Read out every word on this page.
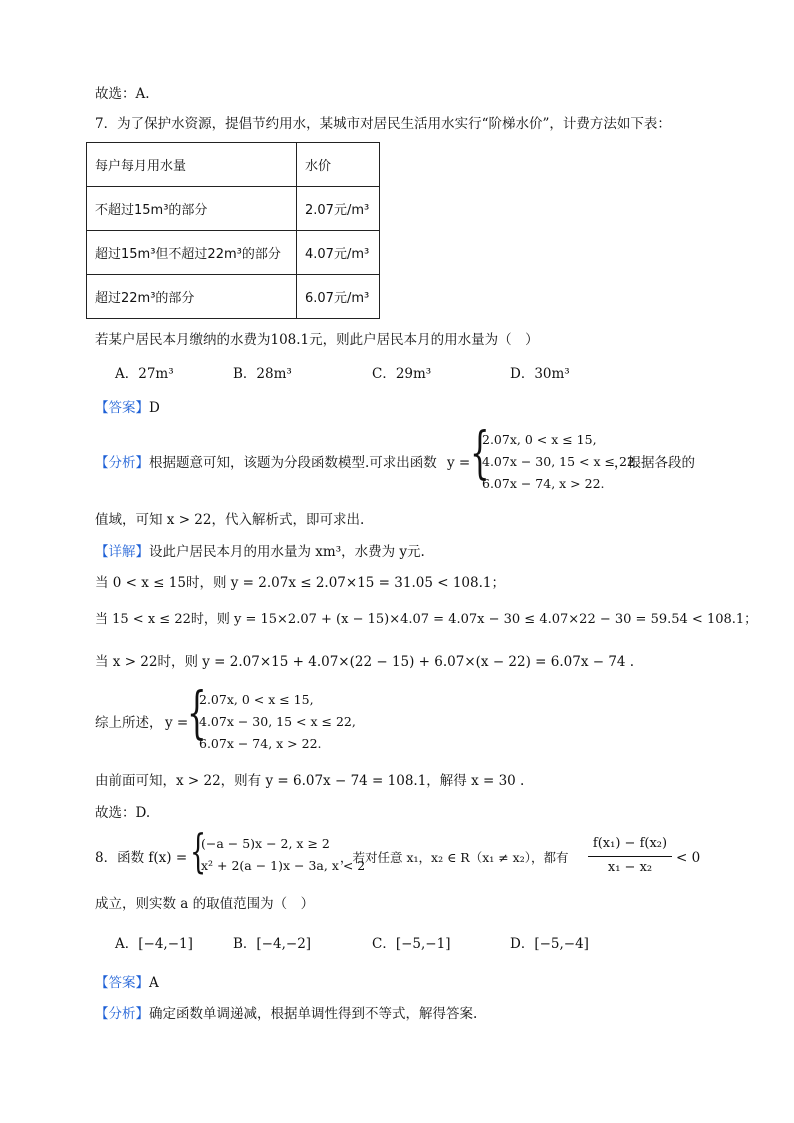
故选：A.
7．为了保护水资源，提倡节约用水，某城市对居民生活用水实行“阶梯水价”，计费方法如下表：
每户每月用水量	水价
不超过15m³的部分	2.07元/m³
超过15m³但不超过22m³的部分	4.07元/m³
超过22m³的部分	6.07元/m³
若某户居民本月缴纳的水费为108.1元，则此户居民本月的用水量为（　）
A．27m³	B．28m³	C．29m³	D．30m³
【答案】D
【分析】根据题意可知，该题为分段函数模型.可求出函数 y = {
2.07x, 0 < x ≤ 15,
4.07x − 30, 15 < x ≤ 22,
6.07x − 74, x > 22.
，根据各段的
值域，可知 x > 22，代入解析式，即可求出.
【详解】设此户居民本月的用水量为 xm³，水费为 y元.
当 0 < x ≤ 15时，则 y = 2.07x ≤ 2.07×15 = 31.05 < 108.1；
当 15 < x ≤ 22时，则 y = 15×2.07 + (x − 15)×4.07 = 4.07x − 30 ≤ 4.07×22 − 30 = 59.54 < 108.1；
当 x > 22时，则 y = 2.07×15 + 4.07×(22 − 15) + 6.07×(x − 22) = 6.07x − 74 .
综上所述， y =
{
2.07x, 0 < x ≤ 15,
4.07x − 30, 15 < x ≤ 22,
6.07x − 74, x > 22.
由前面可知，x > 22，则有 y = 6.07x − 74 = 108.1，解得 x = 30 .
故选：D.
8．函数 f(x) = {
(−a − 5)x − 2, x ≥ 2
x² + 2(a − 1)x − 3a, x < 2
，若对任意 x₁，x₂ ∈ R（x₁ ≠ x₂），都有
f(x₁) − f(x₂)
x₁ − x₂
< 0
成立，则实数 a 的取值范围为（　）
A．[−4,−1]	B．[−4,−2]	C．[−5,−1]	D．[−5,−4]
【答案】A
【分析】确定函数单调递减，根据单调性得到不等式，解得答案.
